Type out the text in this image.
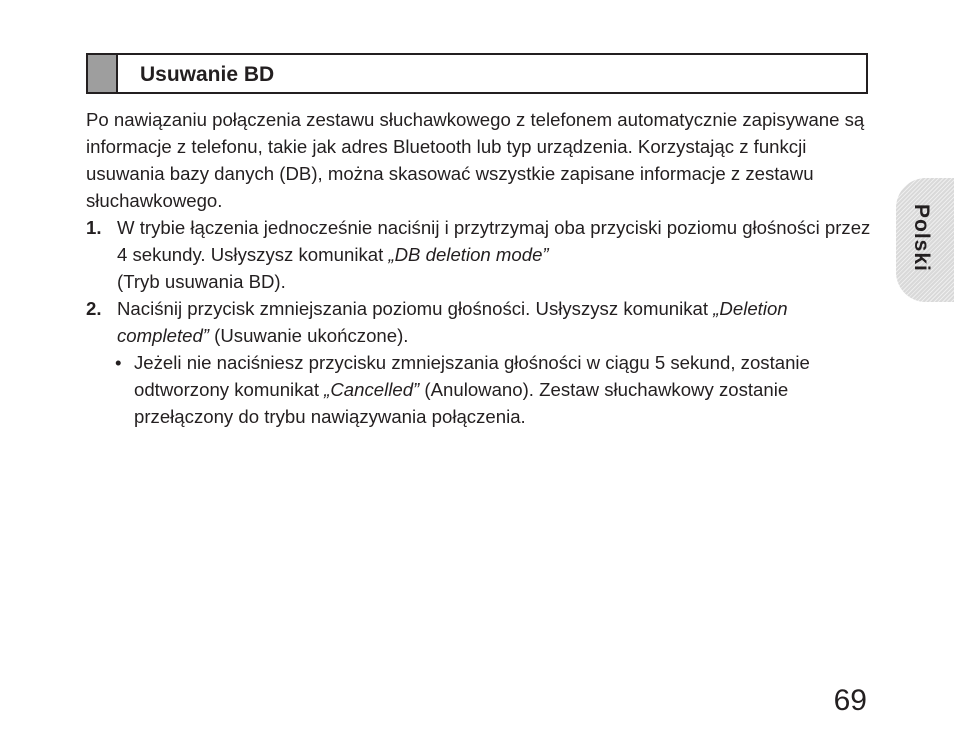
Usuwanie BD

Po nawiązaniu połączenia zestawu słuchawkowego z telefonem automatycznie zapisywane są informacje z telefonu, takie jak adres Bluetooth lub typ urządzenia. Korzystając z funkcji usuwania bazy danych (DB), można skasować wszystkie zapisane informacje z zestawu słuchawkowego.

1. W trybie łączenia jednocześnie naciśnij i przytrzymaj oba przyciski poziomu głośności przez 4 sekundy. Usłyszysz komunikat „DB deletion mode”
(Tryb usuwania BD).

2. Naciśnij przycisk zmniejszania poziomu głośności. Usłyszysz komunikat „Deletion completed” (Usuwanie ukończone).

• Jeżeli nie naciśniesz przycisku zmniejszania głośności w ciągu 5 sekund, zostanie odtworzony komunikat „Cancelled” (Anulowano). Zestaw słuchawkowy zostanie przełączony do trybu nawiązywania połączenia.

Polski
69
